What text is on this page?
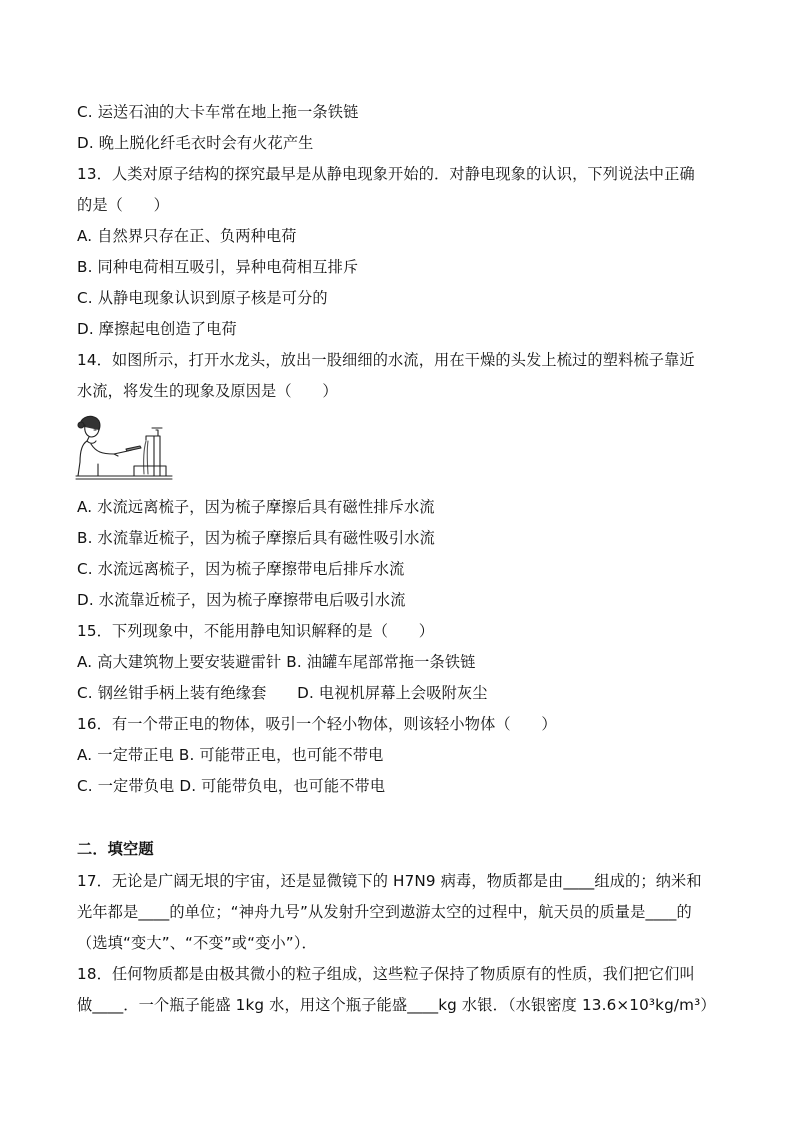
C. 运送石油的大卡车常在地上拖一条铁链
D. 晚上脱化纤毛衣时会有火花产生
13．人类对原子结构的探究最早是从静电现象开始的．对静电现象的认识，下列说法中正确
的是（　　）
A. 自然界只存在正、负两种电荷
B. 同种电荷相互吸引，异种电荷相互排斥
C. 从静电现象认识到原子核是可分的
D. 摩擦起电创造了电荷
14．如图所示，打开水龙头，放出一股细细的水流，用在干燥的头发上梳过的塑料梳子靠近
水流，将发生的现象及原因是（　　）
A. 水流远离梳子，因为梳子摩擦后具有磁性排斥水流
B. 水流靠近梳子，因为梳子摩擦后具有磁性吸引水流
C. 水流远离梳子，因为梳子摩擦带电后排斥水流
D. 水流靠近梳子，因为梳子摩擦带电后吸引水流
15．下列现象中，不能用静电知识解释的是（　　）
A. 高大建筑物上要安装避雷针 B. 油罐车尾部常拖一条铁链
C. 钢丝钳手柄上装有绝缘套　　D. 电视机屏幕上会吸附灰尘
16．有一个带正电的物体，吸引一个轻小物体，则该轻小物体（　　）
A. 一定带正电 B. 可能带正电，也可能不带电
C. 一定带负电 D. 可能带负电，也可能不带电
二．填空题
17．无论是广阔无垠的宇宙，还是显微镜下的 H7N9 病毒，物质都是由____组成的；纳米和
光年都是____的单位；“神舟九号”从发射升空到遨游太空的过程中，航天员的质量是____的
（选填“变大”、“不变”或“变小”）．
18．任何物质都是由极其微小的粒子组成，这些粒子保持了物质原有的性质，我们把它们叫
做____．一个瓶子能盛 1kg 水，用这个瓶子能盛____kg 水银．（水银密度 13.6×10³kg/m³）
